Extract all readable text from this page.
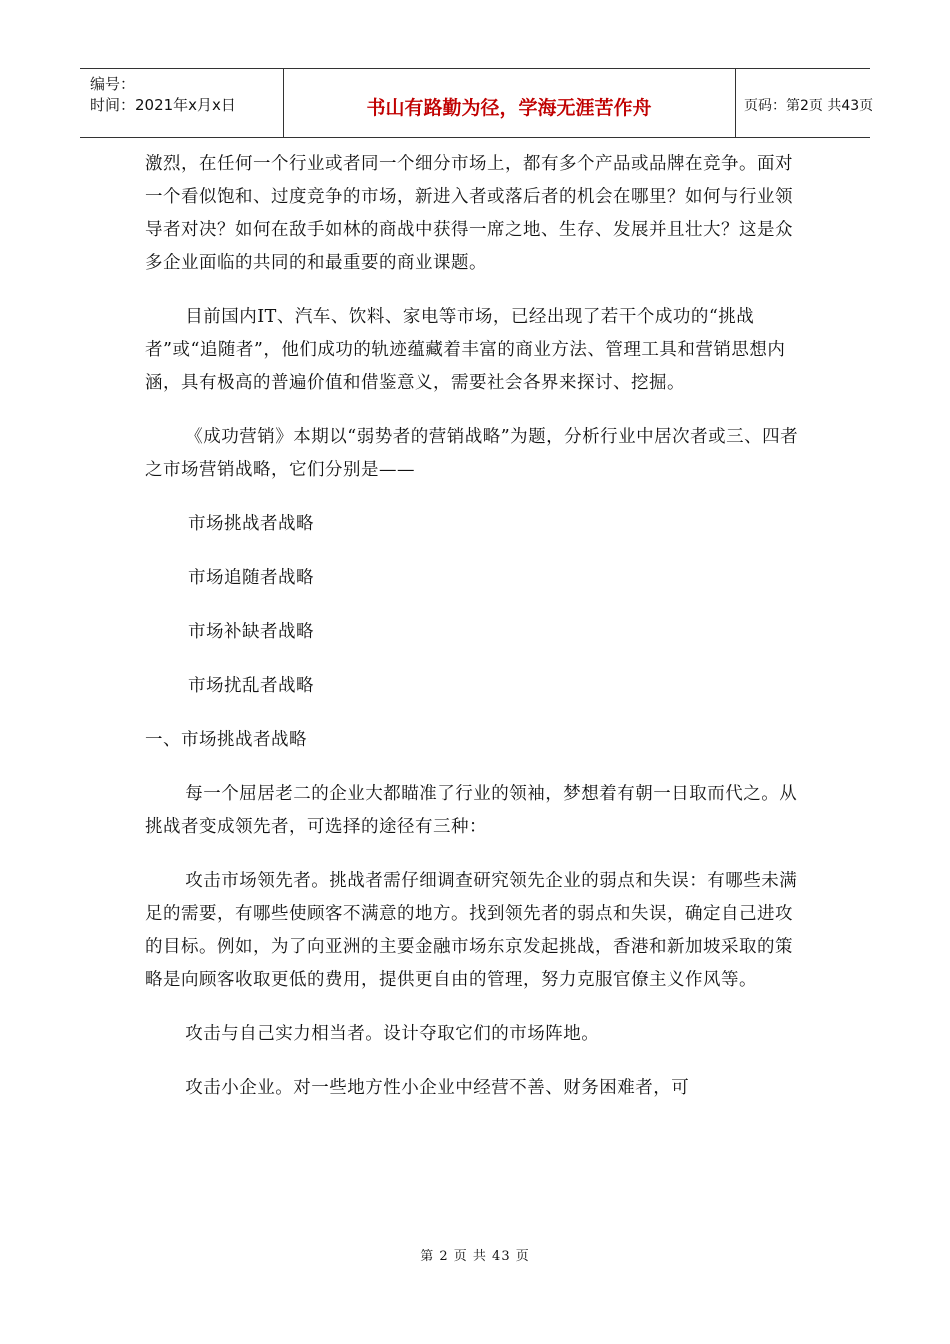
编号：
时间：2021年x月x日	书山有路勤为径，学海无涯苦作舟	页码：第2页 共43页

激烈，在任何一个行业或者同一个细分市场上，都有多个产品或品牌在竞争。面对一个看似饱和、过度竞争的市场，新进入者或落后者的机会在哪里？如何与行业领导者对决？如何在敌手如林的商战中获得一席之地、生存、发展并且壮大？这是众多企业面临的共同的和最重要的商业课题。

目前国内IT、汽车、饮料、家电等市场，已经出现了若干个成功的“挑战者”或“追随者”，他们成功的轨迹蕴藏着丰富的商业方法、管理工具和营销思想内涵，具有极高的普遍价值和借鉴意义，需要社会各界来探讨、挖掘。

《成功营销》本期以“弱势者的营销战略”为题，分析行业中居次者或三、四者之市场营销战略，它们分别是——

市场挑战者战略

市场追随者战略

市场补缺者战略

市场扰乱者战略

一、市场挑战者战略

每一个屈居老二的企业大都瞄准了行业的领袖，梦想着有朝一日取而代之。从挑战者变成领先者，可选择的途径有三种：

攻击市场领先者。挑战者需仔细调查研究领先企业的弱点和失误：有哪些未满足的需要，有哪些使顾客不满意的地方。找到领先者的弱点和失误，确定自己进攻的目标。例如，为了向亚洲的主要金融市场东京发起挑战，香港和新加坡采取的策略是向顾客收取更低的费用，提供更自由的管理，努力克服官僚主义作风等。

攻击与自己实力相当者。设计夺取它们的市场阵地。

攻击小企业。对一些地方性小企业中经营不善、财务困难者，可

第 2 页 共 43 页
